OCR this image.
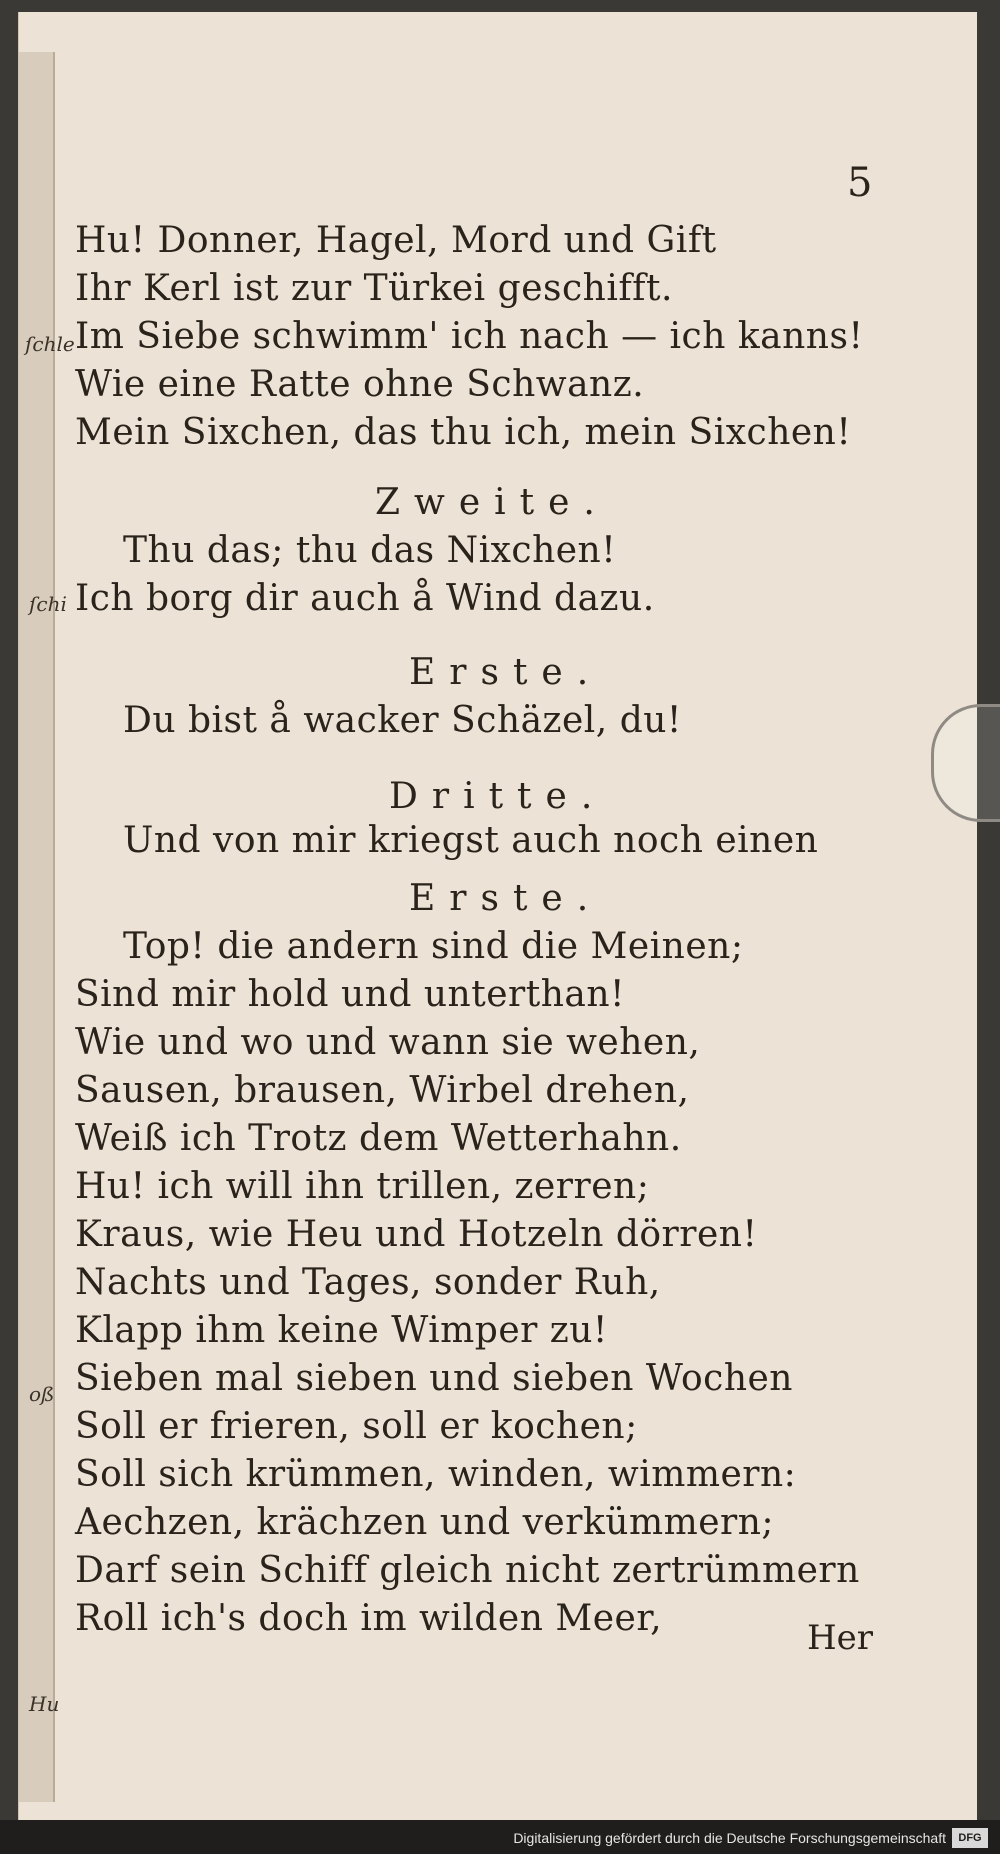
ſchle
ſchi
oß
Hu
5
Hu! Donner, Hagel, Mord und Gift
Ihr Kerl ist zur Türkei geschifft.
Im Siebe schwimm' ich nach — ich kanns!
Wie eine Ratte ohne Schwanz.
Mein Sixchen, das thu ich, mein Sixchen!
Zweite.
Thu das; thu das Nixchen!
Ich borg dir auch å Wind dazu.
Erste.
Du bist å wacker Schäzel, du!
Dritte.
Und von mir kriegst auch noch einen
Erste.
Top! die andern sind die Meinen;
Sind mir hold und unterthan!
Wie und wo und wann sie wehen,
Sausen, brausen, Wirbel drehen,
Weiß ich Trotz dem Wetterhahn.
Hu! ich will ihn trillen, zerren;
Kraus, wie Heu und Hotzeln dörren!
Nachts und Tages, sonder Ruh,
Klapp ihm keine Wimper zu!
Sieben mal sieben und sieben Wochen
Soll er frieren, soll er kochen;
Soll sich krümmen, winden, wimmern:
Aechzen, krächzen und verkümmern;
Darf sein Schiff gleich nicht zertrümmern
Roll ich's doch im wilden Meer,	Her
Digitalisierung gefördert durch die Deutsche Forschungsgemeinschaft	DFG
